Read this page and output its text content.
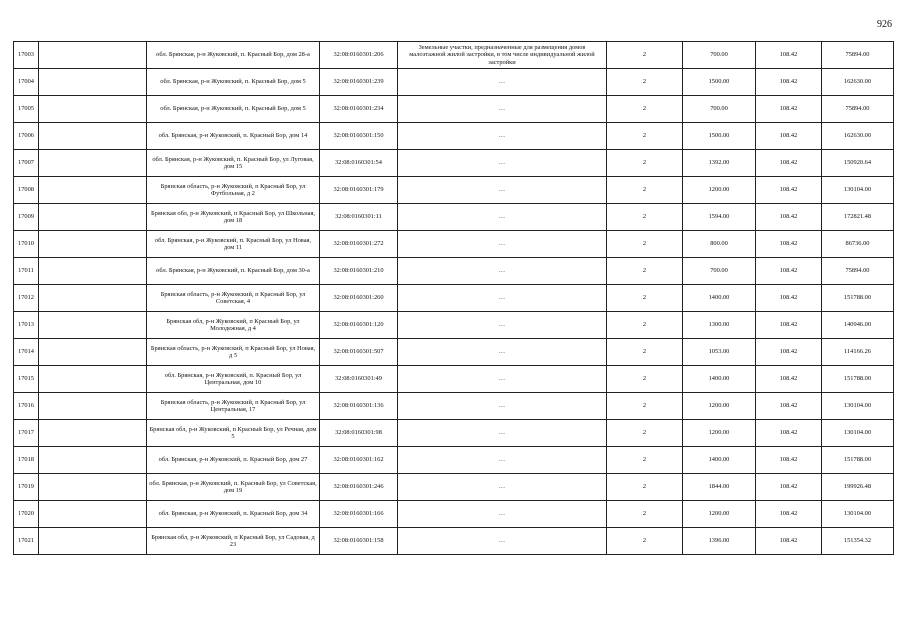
926
17003		обл. Брянская, р-н Жуковский, п. Красный Бор, дом 28-а	32:08:0160301:206	Земельные участки, предназначенные для размещения домов малоэтажной жилой застройки, в том числе индивидуальной жилой застройки	2	700.00	108.42	75894.00
17004		обл. Брянская, р-н Жуковский, п. Красный Бор, дом 5	32:08:0160301:239	…	2	1500.00	108.42	162630.00
17005		обл. Брянская, р-н Жуковский, п. Красный Бор, дом 5	32:08:0160301:234	…	2	700.00	108.42	75894.00
17006		обл. Брянская, р-н Жуковский, п. Красный Бор, дом 14	32:08:0160301:150	…	2	1500.00	108.42	162630.00
17007		обл. Брянская, р-н Жуковский, п. Красный Бор, ул Луговая, дом 15	32:08:0160301:54	…	2	1392.00	108.42	150920.64
17008		Брянская область, р-н Жуковский, п Красный Бор, ул Футбольная, д 2	32:08:0160301:179	…	2	1200.00	108.42	130104.00
17009		Брянская обл, р-н Жуковский, п Красный Бор, ул Школьная, дом 18	32:08:0160301:11	…	2	1594.00	108.42	172821.48
17010		обл. Брянская, р-н Жуковский, п. Красный Бор, ул Новая, дом 11	32:08:0160301:272	…	2	800.00	108.42	86736.00
17011		обл. Брянская, р-н Жуковский, п. Красный Бор, дом 30-а	32:08:0160301:210	…	2	700.00	108.42	75894.00
17012		Брянская область, р-н Жуковский, п Красный Бор, ул Советская, 4	32:08:0160301:260	…	2	1400.00	108.42	151788.00
17013		Брянская обл, р-н Жуковский, п Красный Бор, ул Молодежная, д 4	32:08:0160301:120	…	2	1300.00	108.42	140946.00
17014		Брянская область, р-н Жуковский, п Красный Бор, ул Новая, д 5	32:08:0160301:507	…	2	1053.00	108.42	114166.26
17015		обл. Брянская, р-н Жуковский, п. Красный Бор, ул Центральная, дом 10	32:08:0160301:49	…	2	1400.00	108.42	151788.00
17016		Брянская область, р-н Жуковский, п Красный Бор, ул Центральная, 17	32:08:0160301:136	…	2	1200.00	108.42	130104.00
17017		Брянская обл, р-н Жуковский, п Красный Бор, ул Речная, дом 5	32:08:0160301:98	…	2	1200.00	108.42	130104.00
17018		обл. Брянская, р-н Жуковский, п. Красный Бор, дом 27	32:08:0160301:162	…	2	1400.00	108.42	151788.00
17019		обл. Брянская, р-н Жуковский, п. Красный Бор, ул Советская, дом 19	32:08:0160301:246	…	2	1844.00	108.42	199926.48
17020		обл. Брянская, р-н Жуковский, п. Красный Бор, дом 34	32:08:0160301:166	…	2	1200.00	108.42	130104.00
17021		Брянская обл, р-н Жуковский, п Красный Бор, ул Садовая, д 23	32:08:0160301:158	…	2	1396.00	108.42	151354.32
